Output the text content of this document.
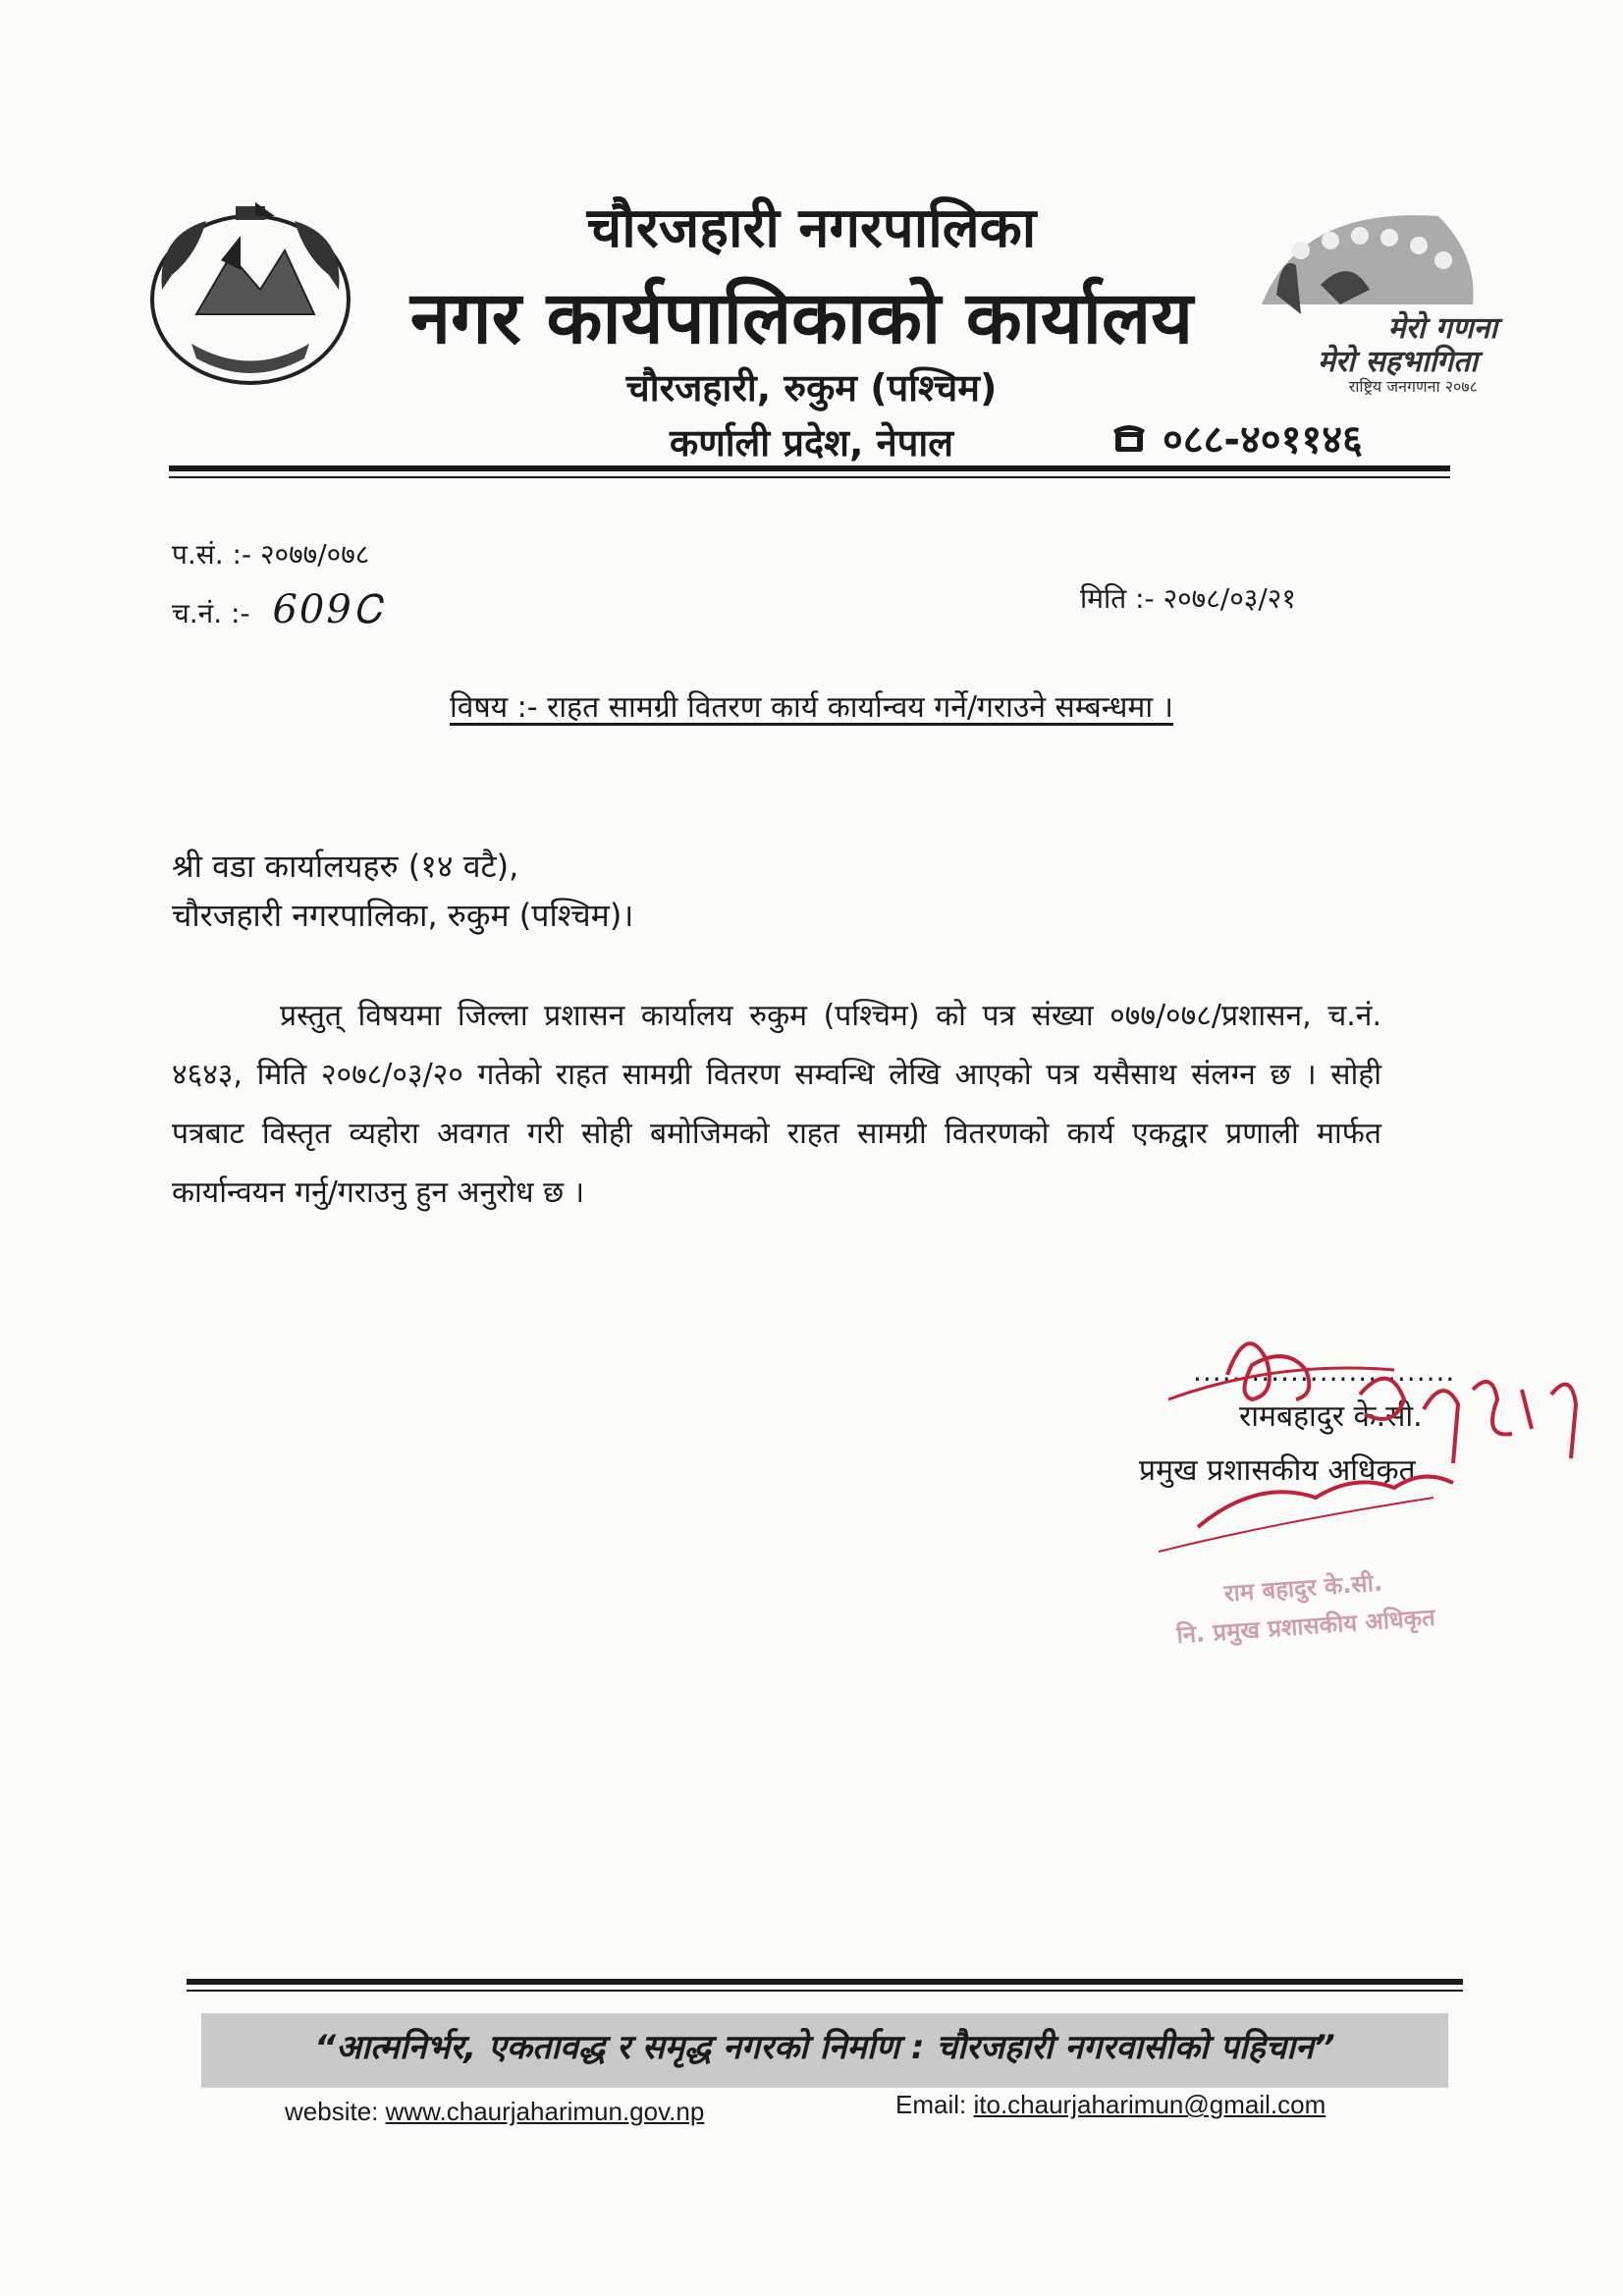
चौरजहारी नगरपालिका
नगर कार्यपालिकाको कार्यालय
चौरजहारी, रुकुम (पश्चिम)
कर्णाली प्रदेश, नेपाल	०८८-४०११४६
मेरो गणना
मेरो सहभागिता
राष्ट्रिय जनगणना २०७८
प.सं. :- २०७७/०७८
च.नं. :- 609Ꮯ	मिति :- २०७८/०३/२१
विषय :- राहत सामग्री वितरण कार्य कार्यान्वय गर्ने/गराउने सम्बन्धमा ।
श्री वडा कार्यालयहरु (१४ वटै),
चौरजहारी नगरपालिका, रुकुम (पश्चिम)।
प्रस्तुत् विषयमा जिल्ला प्रशासन कार्यालय रुकुम (पश्चिम) को पत्र संख्या ०७७/०७८/प्रशासन, च.नं. ४६४३, मिति २०७८/०३/२० गतेको राहत सामग्री वितरण सम्वन्धि लेखि आएको पत्र यसैसाथ संलग्न छ । सोही पत्रबाट विस्तृत व्यहोरा अवगत गरी सोही बमोजिमको राहत सामग्री वितरणको कार्य एकद्वार प्रणाली मार्फत कार्यान्वयन गर्नु/गराउनु हुन अनुरोध छ ।
...........................
रामबहादुर के.सी.
प्रमुख प्रशासकीय अधिकृत
राम बहादुर के.सी.
नि. प्रमुख प्रशासकीय अधिकृत
“आत्मनिर्भर, एकतावद्ध र समृद्ध नगरको निर्माण : चौरजहारी नगरवासीको पहिचान”
website: www.chaurjaharimun.gov.np	Email: ito.chaurjaharimun@gmail.com
